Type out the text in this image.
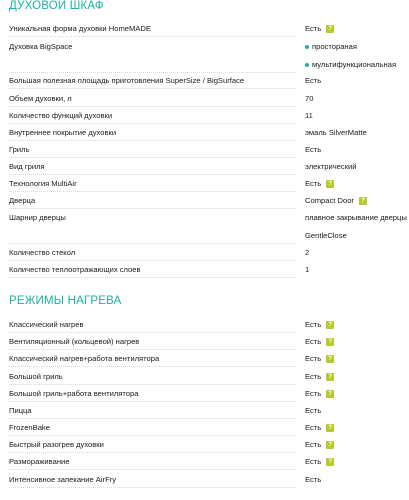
ДУХОВОЙ ШКАФ
Уникальная форма духовки HomeMADE	Есть	?
Духовка BigSpace	простораная
мультифункциональная
Большая полезная площадь приготовления SuperSize / BigSurface	Есть
Объем духовки, л	70
Количество функций духовки	11
Внутреннее покрытие духовки	эмаль SilverMatte
Гриль	Есть
Вид гриля	электрический
Технология MultiAir	Есть	?
Дверца	Compact Door	?
Шарнир дверцы	плавное закрывание дверцы
GentleClose
Количество стекол	2
Количество теплоотражающих слоев	1
РЕЖИМЫ НАГРЕВА
Классический нагрев	Есть	?
Вентиляционный (кольцевой) нагрев	Есть	?
Классический нагрев+работа вентилятора	Есть	?
Большой гриль	Есть	?
Большой гриль+работа вентилятора	Есть	?
Пицца	Есть
FrozenBake	Есть	?
Быстрый разогрев духовки	Есть	?
Размораживание	Есть	?
Интенсивное запекание AirFry	Есть
